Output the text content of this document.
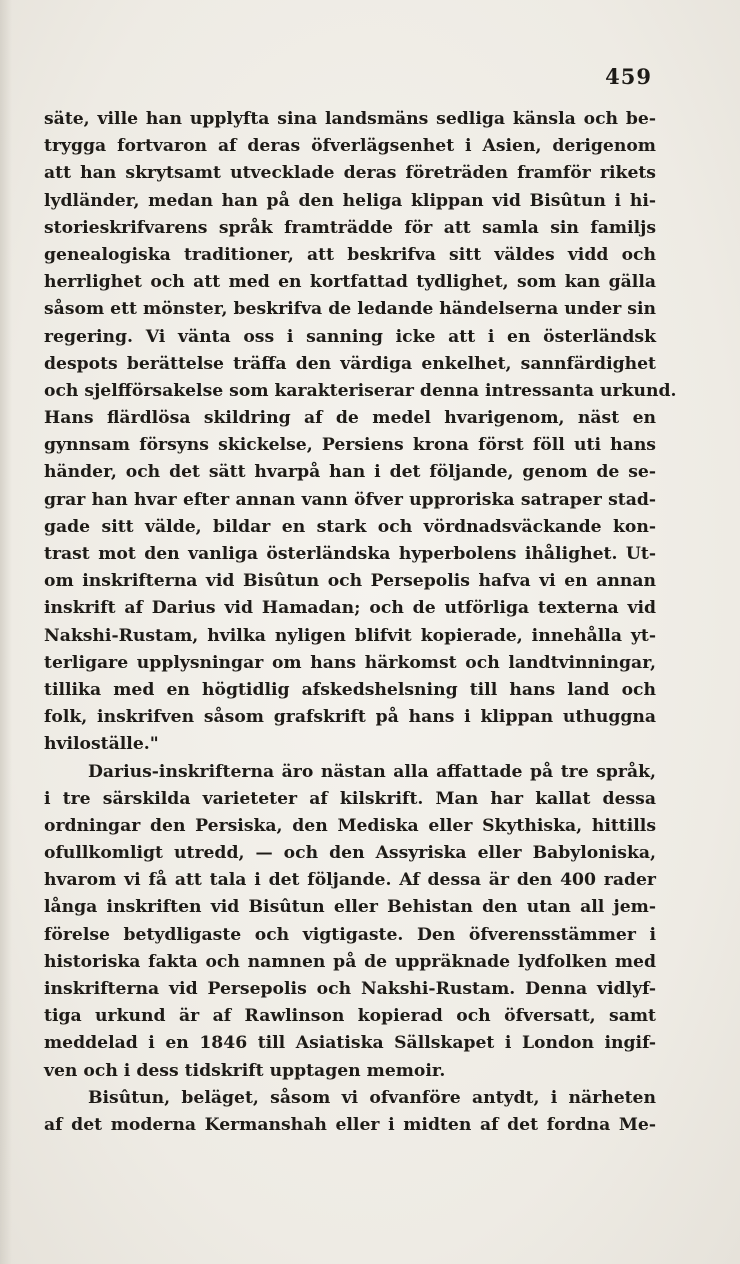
459
säte, ville han upplyfta sina landsmäns sedliga känsla och be-
trygga fortvaron af deras öfverlägsenhet i Asien, derigenom
att han skrytsamt utvecklade deras företräden framför rikets
lydländer, medan han på den heliga klippan vid Bisûtun i hi-
storieskrifvarens språk framträdde för att samla sin familjs
genealogiska traditioner, att beskrifva sitt väldes vidd och
herrlighet och att med en kortfattad tydlighet, som kan gälla
såsom ett mönster, beskrifva de ledande händelserna under sin
regering. Vi vänta oss i sanning icke att i en österländsk
despots berättelse träffa den värdiga enkelhet, sannfärdighet
och sjelfförsakelse som karakteriserar denna intressanta urkund.
Hans flärdlösa skildring af de medel hvarigenom, näst en
gynnsam försyns skickelse, Persiens krona först föll uti hans
händer, och det sätt hvarpå han i det följande, genom de se-
grar han hvar efter annan vann öfver upproriska satraper stad-
gade sitt välde, bildar en stark och vördnadsväckande kon-
trast mot den vanliga österländska hyperbolens ihålighet. Ut-
om inskrifterna vid Bisûtun och Persepolis hafva vi en annan
inskrift af Darius vid Hamadan; och de utförliga texterna vid
Nakshi-Rustam, hvilka nyligen blifvit kopierade, innehålla yt-
terligare upplysningar om hans härkomst och landtvinningar,
tillika med en högtidlig afskedshelsning till hans land och
folk, inskrifven såsom grafskrift på hans i klippan uthuggna
hviloställe."
Darius-inskrifterna äro nästan alla affattade på tre språk,
i tre särskilda varieteter af kilskrift. Man har kallat dessa
ordningar den Persiska, den Mediska eller Skythiska, hittills
ofullkomligt utredd, — och den Assyriska eller Babyloniska,
hvarom vi få att tala i det följande. Af dessa är den 400 rader
långa inskriften vid Bisûtun eller Behistan den utan all jem-
förelse betydligaste och vigtigaste. Den öfverensstämmer i
historiska fakta och namnen på de uppräknade lydfolken med
inskrifterna vid Persepolis och Nakshi-Rustam. Denna vidlyf-
tiga urkund är af Rawlinson kopierad och öfversatt, samt
meddelad i en 1846 till Asiatiska Sällskapet i London ingif-
ven och i dess tidskrift upptagen memoir.
Bisûtun, beläget, såsom vi ofvanföre antydt, i närheten
af det moderna Kermanshah eller i midten af det fordna Me-
